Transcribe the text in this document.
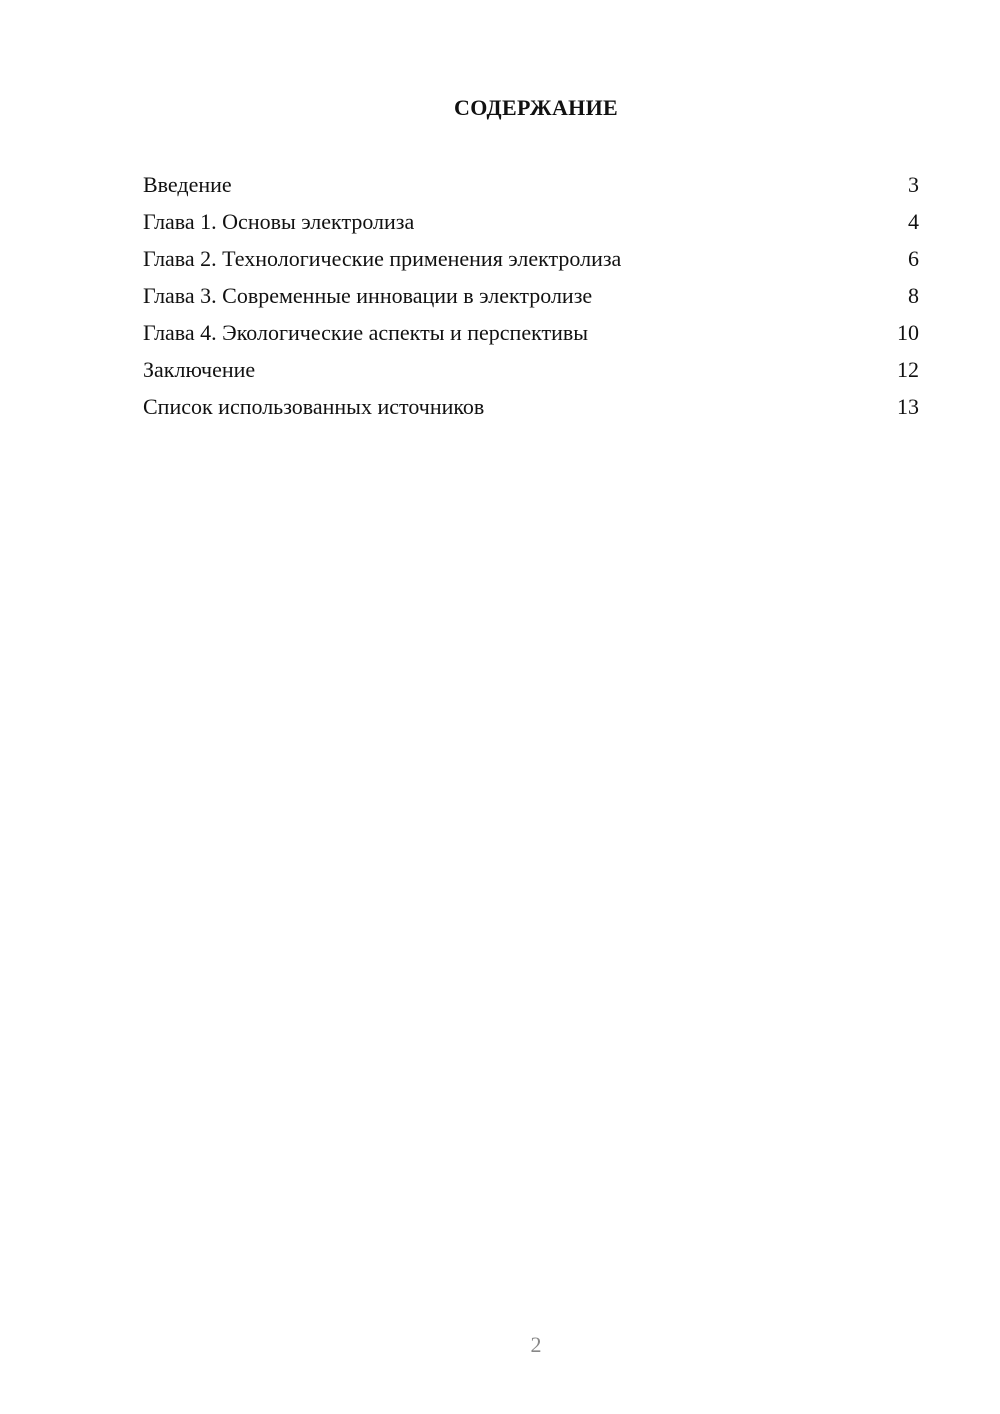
СОДЕРЖАНИЕ
Введение	3
Глава 1. Основы электролиза	4
Глава 2. Технологические применения электролиза	6
Глава 3. Современные инновации в электролизе	8
Глава 4. Экологические аспекты и перспективы	10
Заключение	12
Список использованных источников	13
2
